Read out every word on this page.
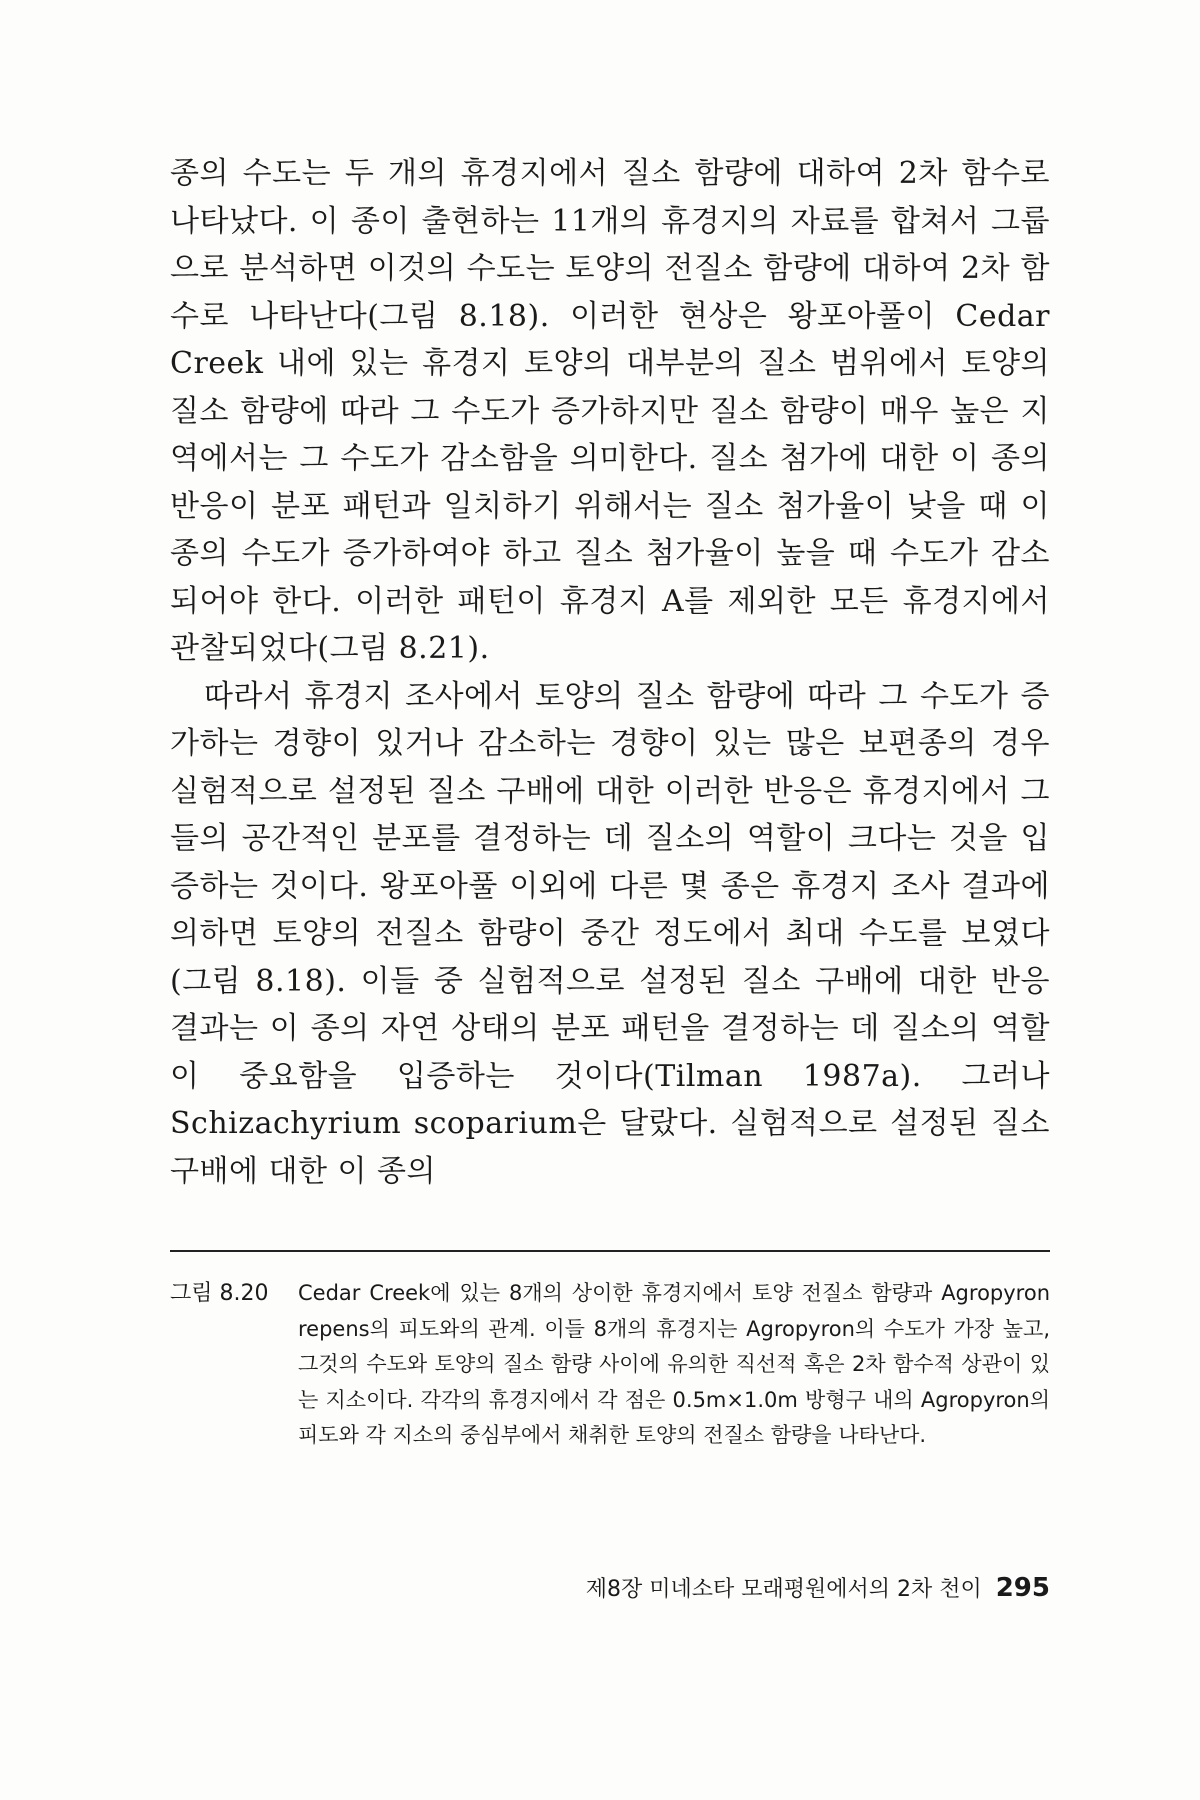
종의 수도는 두 개의 휴경지에서 질소 함량에 대하여 2차 함수로 나타났다. 이 종이 출현하는 11개의 휴경지의 자료를 합쳐서 그룹으로 분석하면 이것의 수도는 토양의 전질소 함량에 대하여 2차 함수로 나타난다(그림 8.18). 이러한 현상은 왕포아풀이 Cedar Creek 내에 있는 휴경지 토양의 대부분의 질소 범위에서 토양의 질소 함량에 따라 그 수도가 증가하지만 질소 함량이 매우 높은 지역에서는 그 수도가 감소함을 의미한다. 질소 첨가에 대한 이 종의 반응이 분포 패턴과 일치하기 위해서는 질소 첨가율이 낮을 때 이 종의 수도가 증가하여야 하고 질소 첨가율이 높을 때 수도가 감소되어야 한다. 이러한 패턴이 휴경지 A를 제외한 모든 휴경지에서 관찰되었다(그림 8.21).

따라서 휴경지 조사에서 토양의 질소 함량에 따라 그 수도가 증가하는 경향이 있거나 감소하는 경향이 있는 많은 보편종의 경우 실험적으로 설정된 질소 구배에 대한 이러한 반응은 휴경지에서 그들의 공간적인 분포를 결정하는 데 질소의 역할이 크다는 것을 입증하는 것이다. 왕포아풀 이외에 다른 몇 종은 휴경지 조사 결과에 의하면 토양의 전질소 함량이 중간 정도에서 최대 수도를 보였다(그림 8.18). 이들 중 실험적으로 설정된 질소 구배에 대한 반응 결과는 이 종의 자연 상태의 분포 패턴을 결정하는 데 질소의 역할이 중요함을 입증하는 것이다(Tilman 1987a). 그러나 Schizachyrium scoparium은 달랐다. 실험적으로 설정된 질소 구배에 대한 이 종의

그림 8.20	Cedar Creek에 있는 8개의 상이한 휴경지에서 토양 전질소 함량과 Agropyron repens의 피도와의 관계. 이들 8개의 휴경지는 Agropyron의 수도가 가장 높고, 그것의 수도와 토양의 질소 함량 사이에 유의한 직선적 혹은 2차 함수적 상관이 있는 지소이다. 각각의 휴경지에서 각 점은 0.5m×1.0m 방형구 내의 Agropyron의 피도와 각 지소의 중심부에서 채취한 토양의 전질소 함량을 나타난다.
제8장 미네소타 모래평원에서의 2차 천이 295
